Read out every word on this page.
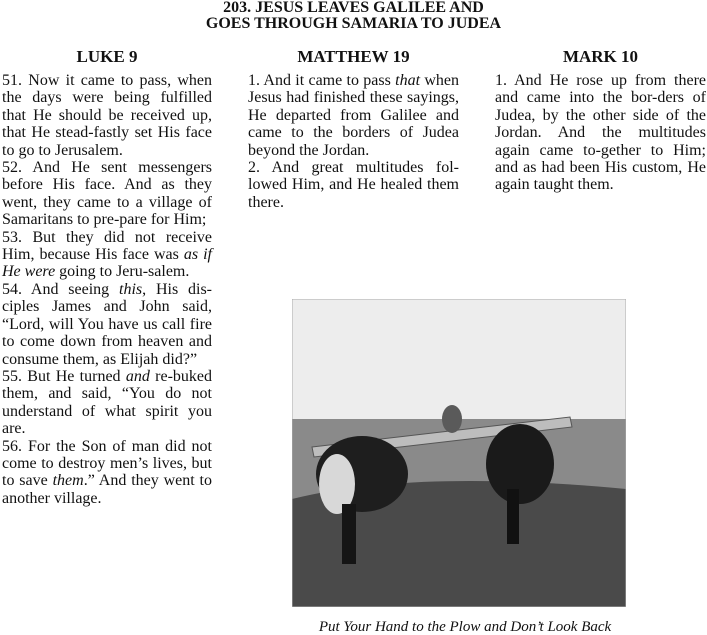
203. JESUS LEAVES GALILEE AND
GOES THROUGH SAMARIA TO JUDEA
LUKE 9	MATTHEW 19	MARK 10

51. Now it came to pass, when the days were being fulfilled that He should be received up, that He stead-fastly set His face to go to Jerusalem.

52. And He sent messengers before His face. And as they went, they came to a village of Samaritans to pre-pare for Him;

53. But they did not receive Him, because His face was as if He were going to Jeru-salem.

54. And seeing this, His dis-ciples James and John said, “Lord, will You have us call fire to come down from heaven and consume them, as Elijah did?”

55. But He turned and re-buked them, and said, “You do not understand of what spirit you are.

56. For the Son of man did not come to destroy men’s lives, but to save them.” And they went to another village.

1. And it came to pass that when Jesus had finished these sayings, He departed from Galilee and came to the borders of Judea beyond the Jordan.

2. And great multitudes fol-lowed Him, and He healed them there.

1. And He rose up from there and came into the bor-ders of Judea, by the other side of the Jordan. And the multitudes again came to-gether to Him; and as had been His custom, He again taught them.

Put Your Hand to the Plow and Don’t Look Back
